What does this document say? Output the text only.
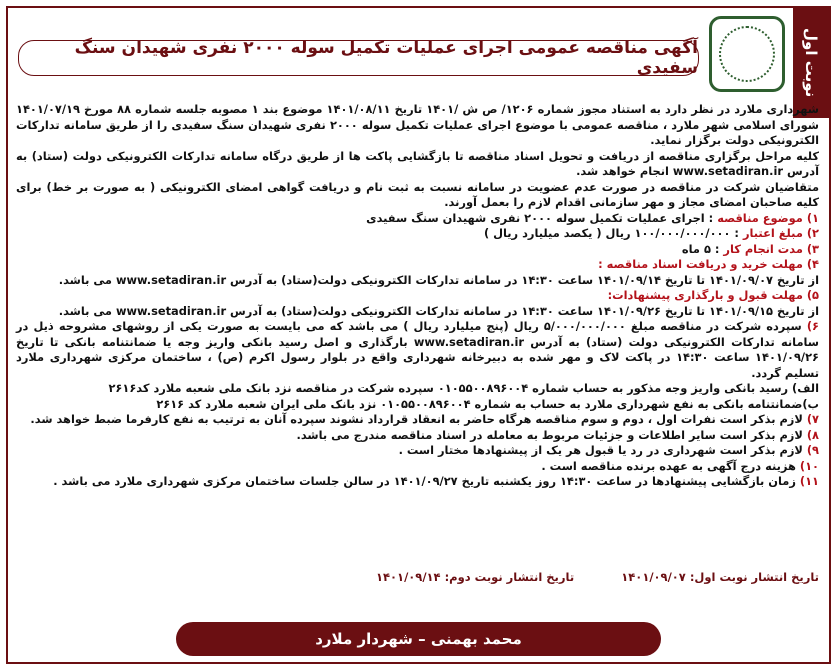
نوبت اول
آگهی مناقصه عمومی اجرای عملیات تکمیل سوله ۲۰۰۰ نفری شهیدان سنگ سفیدی

شهرداری ملارد در نظر دارد به استناد مجوز شماره ۱۲۰۶/ ص ش /۱۴۰۱ تاریخ ۱۴۰۱/۰۸/۱۱ موضوع بند ۱ مصوبه جلسه شماره ۸۸ مورخ ۱۴۰۱/۰۷/۱۹ شورای اسلامی شهر ملارد ، مناقصه عمومی با موضوع اجرای عملیات تکمیل سوله ۲۰۰۰ نفری شهیدان سنگ سفیدی را از طریق سامانه تدارکات الکترونیکی دولت برگزار نماید.

کلیه مراحل برگزاری مناقصه از دریافت و تحویل اسناد مناقصه تا بازگشایی پاکت ها از طریق درگاه سامانه تدارکات الکترونیکی دولت (ستاد) به آدرس www.setadiran.ir انجام خواهد شد.

متقاضیان شرکت در مناقصه در صورت عدم عضویت در سامانه نسبت به ثبت نام و دریافت گواهی امضای الکترونیکی ( به صورت بر خط) برای کلیه صاحبان امضای مجاز و مهر سازمانی اقدام لازم را بعمل آورند.

۱) موضوع مناقصه : اجرای عملیات تکمیل سوله ۲۰۰۰ نفری شهیدان سنگ سفیدی

۲) مبلغ اعتبار : ۱۰۰/۰۰۰/۰۰۰/۰۰۰ ریال ( یکصد میلیارد ریال )

۳) مدت انجام کار : ۵ ماه

۴) مهلت خرید و دریافت اسناد مناقصه :

از تاریخ ۱۴۰۱/۰۹/۰۷ تا تاریخ ۱۴۰۱/۰۹/۱۴ ساعت ۱۴:۳۰ در سامانه تدارکات الکترونیکی دولت(ستاد) به آدرس www.setadiran.ir می باشد.

۵) مهلت قبول و بارگذاری پیشنهادات:

از تاریخ ۱۴۰۱/۰۹/۱۵ تا تاریخ ۱۴۰۱/۰۹/۲۶ ساعت ۱۴:۳۰ در سامانه تدارکات الکترونیکی دولت(ستاد) به آدرس www.setadiran.ir می باشد.

۶) سپرده شرکت در مناقصه مبلغ ۵/۰۰۰/۰۰۰/۰۰۰ ریال (پنج میلیارد ریال ) می باشد که می بایست به صورت یکی از روشهای مشروحه ذیل در سامانه تدارکات الکترونیکی دولت (ستاد) به آدرس www.setadiran.ir بارگذاری و اصل رسید بانکی واریز وجه یا ضمانتنامه بانکی تا تاریخ ۱۴۰۱/۰۹/۲۶ ساعت ۱۴:۳۰ در پاکت لاک و مهر شده به دبیرخانه شهرداری واقع در بلوار رسول اکرم (ص) ، ساختمان مرکزی شهرداری ملارد تسلیم گردد.

الف) رسید بانکی واریز وجه مذکور به حساب شماره ۰۱۰۵۵۰۰۸۹۶۰۰۴ سپرده شرکت در مناقصه نزد بانک ملی شعبه ملارد کد۲۶۱۶

ب)ضمانتنامه بانکی به نفع شهرداری ملارد به حساب به شماره ۰۱۰۵۵۰۰۸۹۶۰۰۴ نزد بانک ملی ایران شعبه ملارد کد ۲۶۱۶

۷) لازم بذکر است نفرات اول ، دوم و سوم مناقصه هرگاه حاضر به انعقاد قرارداد نشوند سپرده آنان به ترتیب به نفع کارفرما ضبط خواهد شد.

۸) لازم بذکر است سایر اطلاعات و جزئیات مربوط به معامله در اسناد مناقصه مندرج می باشد.

۹) لازم بذکر است شهرداری در رد یا قبول هر یک از پیشنهادها مختار است .

۱۰) هزینه درج آگهی به عهده برنده مناقصه است .

۱۱) زمان بازگشایی پیشنهادها در ساعت ۱۴:۳۰ روز یکشنبه تاریخ ۱۴۰۱/۰۹/۲۷ در سالن جلسات ساختمان مرکزی شهرداری ملارد می باشد .

تاریخ انتشار نوبت اول: ۱۴۰۱/۰۹/۰۷
تاریخ انتشار نوبت دوم: ۱۴۰۱/۰۹/۱۴
محمد بهمنی – شهردار ملارد
